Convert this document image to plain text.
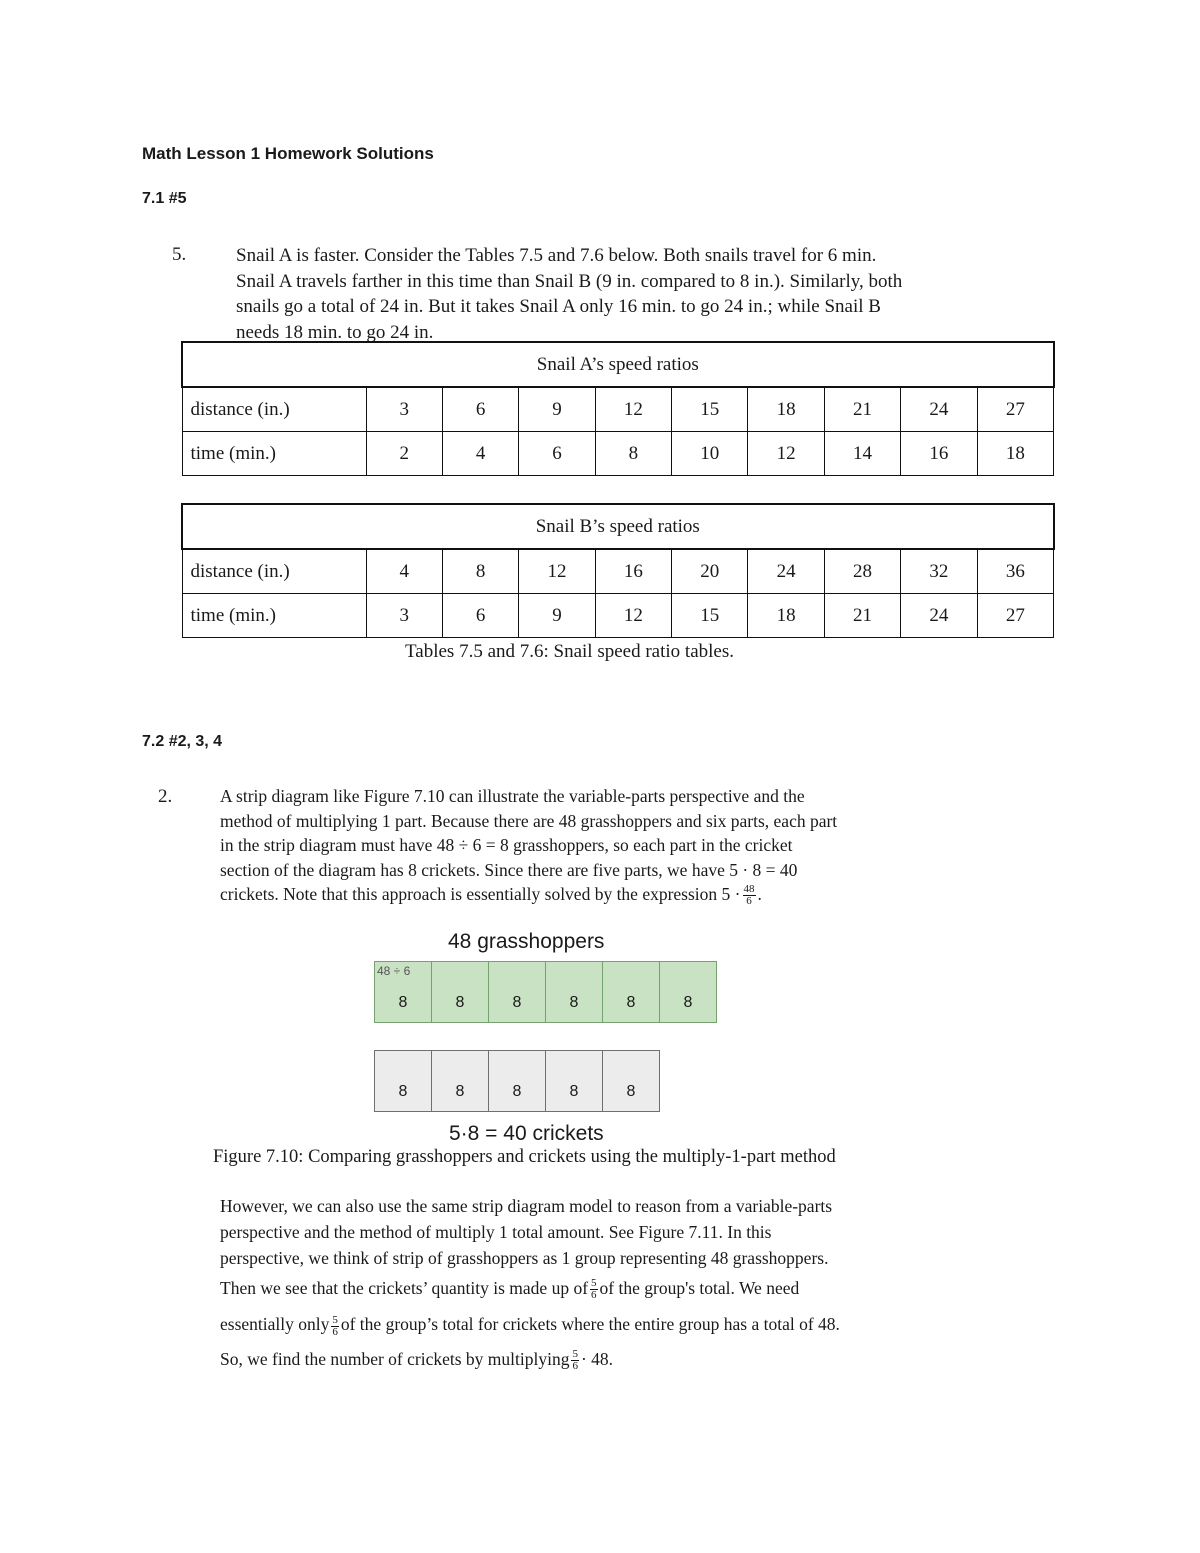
Math Lesson 1 Homework Solutions
7.1 #5
5.	Snail A is faster. Consider the Tables 7.5 and 7.6 below. Both snails travel for 6 min.
Snail A travels farther in this time than Snail B (9 in. compared to 8 in.). Similarly, both
snails go a total of 24 in. But it takes Snail A only 16 min. to go 24 in.; while Snail B
needs 18 min. to go 24 in.
Snail A’s speed ratios									
distance (in.)	3	6	9	12	15	18	21	24	27
time (min.)	2	4	6	8	10	12	14	16	18
Snail B’s speed ratios									
distance (in.)	4	8	12	16	20	24	28	32	36
time (min.)	3	6	9	12	15	18	21	24	27
Tables 7.5 and 7.6: Snail speed ratio tables.
7.2 #2, 3, 4
2.	A strip diagram like Figure 7.10 can illustrate the variable-parts perspective and the
method of multiplying 1 part. Because there are 48 grasshoppers and six parts, each part
in the strip diagram must have 48 ÷ 6 = 8 grasshoppers, so each part in the cricket
section of the diagram has 8 crickets. Since there are five parts, we have 5 · 8 = 40
crickets. Note that this approach is essentially solved by the expression $5 \cdot \frac{48}{6}$ .
48 grasshoppers
48 ÷ 6
8	8	8	8	8	8
8	8	8	8	8
5·8 = 40 crickets
Figure 7.10: Comparing grasshoppers and crickets using the multiply-1-part method
However, we can also use the same strip diagram model to reason from a variable-parts
perspective and the method of multiply 1 total amount. See Figure 7.11. In this
perspective, we think of strip of grasshoppers as 1 group representing 48 grasshoppers.
Then we see that the crickets’ quantity is made up of $\frac{5}{6}$ of the group's total. We need
essentially only $\frac{5}{6}$ of the group’s total for crickets where the entire group has a total of 48.
So, we find the number of crickets by multiplying $\frac{5}{6} \cdot 48$.
